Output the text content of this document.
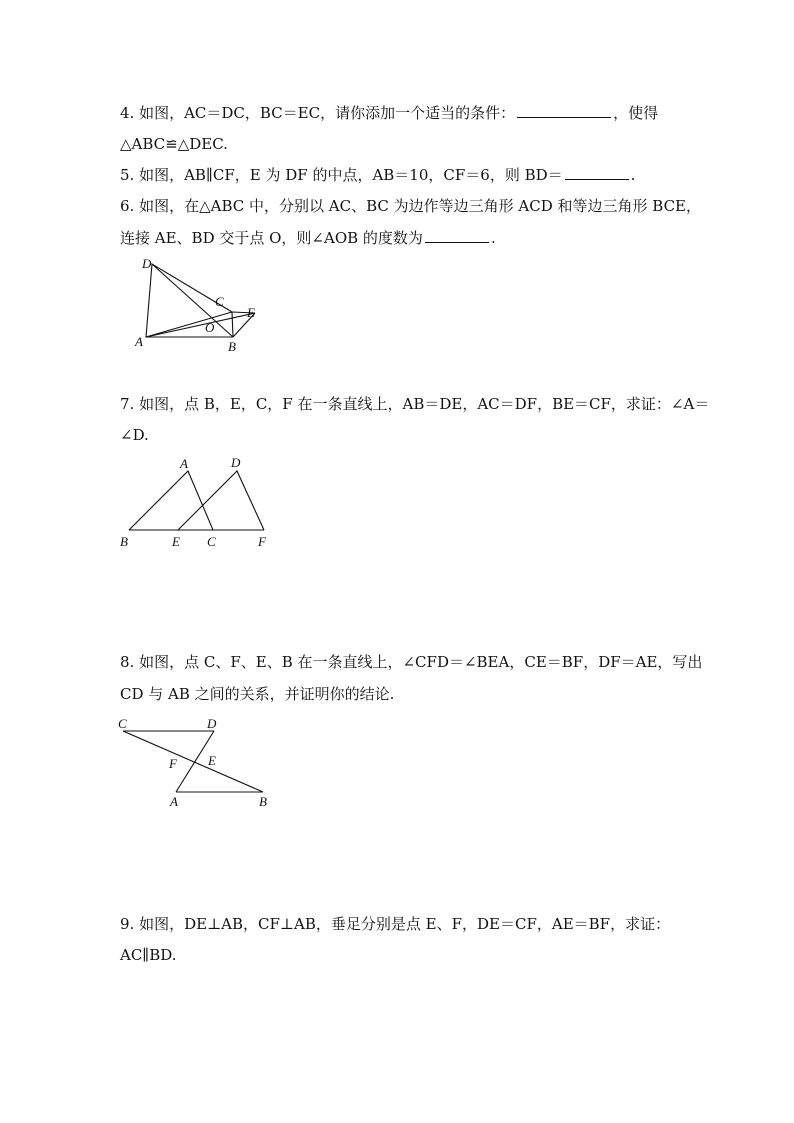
4. 如图，AC＝DC，BC＝EC，请你添加一个适当的条件：	，使得
△ABC≌△DEC.
5. 如图，AB∥CF，E 为 DF 的中点，AB＝10，CF＝6，则 BD＝	.
6. 如图，在△ABC 中，分别以 AC、BC 为边作等边三角形 ACD 和等边三角形 BCE，
连接 AE、BD 交于点 O，则∠AOB 的度数为	.
D
C
E
O
A	B
7. 如图，点 B，E，C，F 在一条直线上，AB＝DE，AC＝DF，BE＝CF，求证：∠A＝
∠D.
A	D
B	E C	F
8. 如图，点 C、F、E、B 在一条直线上，∠CFD＝∠BEA，CE＝BF，DF＝AE，写出
CD 与 AB 之间的关系，并证明你的结论.
C	D
F E
A	B
9. 如图，DE⊥AB，CF⊥AB，垂足分别是点 E、F，DE＝CF，AE＝BF，求证：
AC∥BD.
